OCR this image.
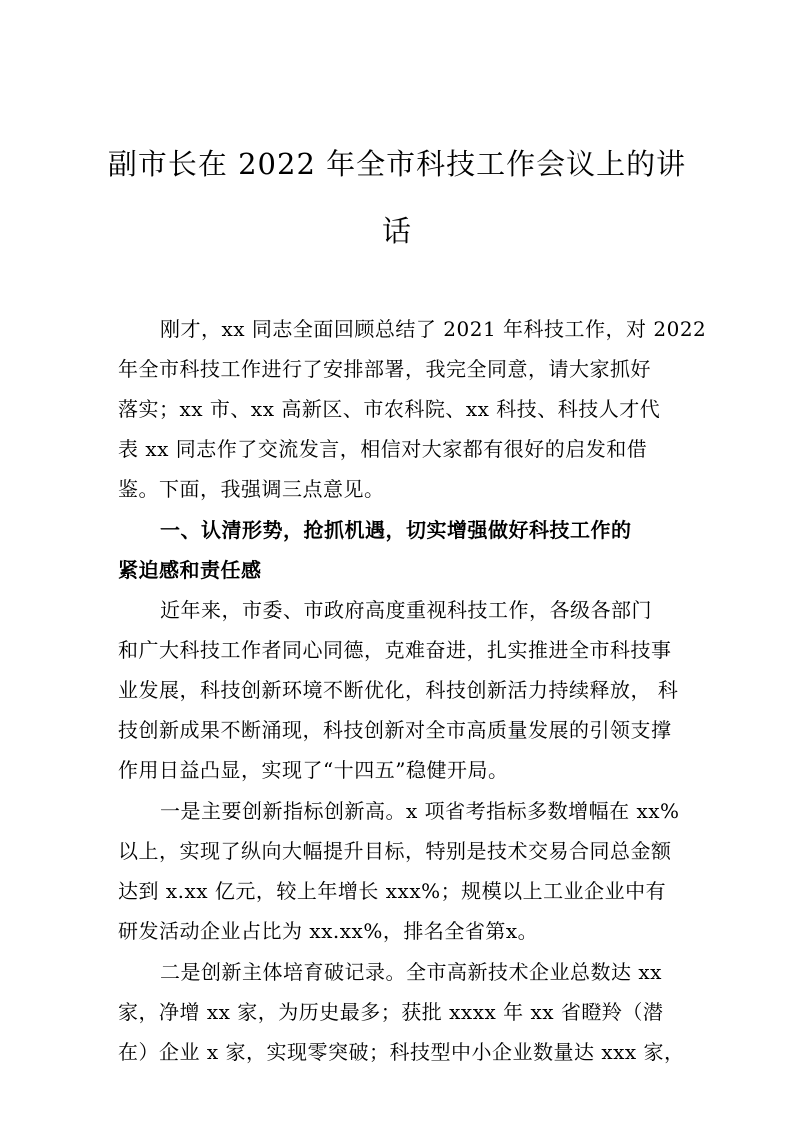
副市长在 2022 年全市科技工作会议上的讲
话
刚才，xx 同志全面回顾总结了 2021 年科技工作，对 2022
年全市科技工作进行了安排部署，我完全同意，请大家抓好
落实；xx 市、xx 高新区、市农科院、xx 科技、科技人才代
表 xx 同志作了交流发言，相信对大家都有很好的启发和借
鉴。下面，我强调三点意见。
一、认清形势，抢抓机遇，切实增强做好科技工作的
紧迫感和责任感
近年来，市委、市政府高度重视科技工作，各级各部门
和广大科技工作者同心同德，克难奋进，扎实推进全市科技事
业发展，科技创新环境不断优化，科技创新活力持续释放， 科
技创新成果不断涌现，科技创新对全市高质量发展的引领支撑
作用日益凸显，实现了“十四五”稳健开局。
一是主要创新指标创新高。x 项省考指标多数增幅在 xx%
以上，实现了纵向大幅提升目标，特别是技术交易合同总金额
达到 x.xx 亿元，较上年增长 xxx%；规模以上工业企业中有
研发活动企业占比为 xx.xx%，排名全省第x。
二是创新主体培育破记录。全市高新技术企业总数达 xx
家，净增 xx 家，为历史最多；获批 xxxx 年 xx 省瞪羚（潜
在）企业 x 家，实现零突破；科技型中小企业数量达 xxx 家，
